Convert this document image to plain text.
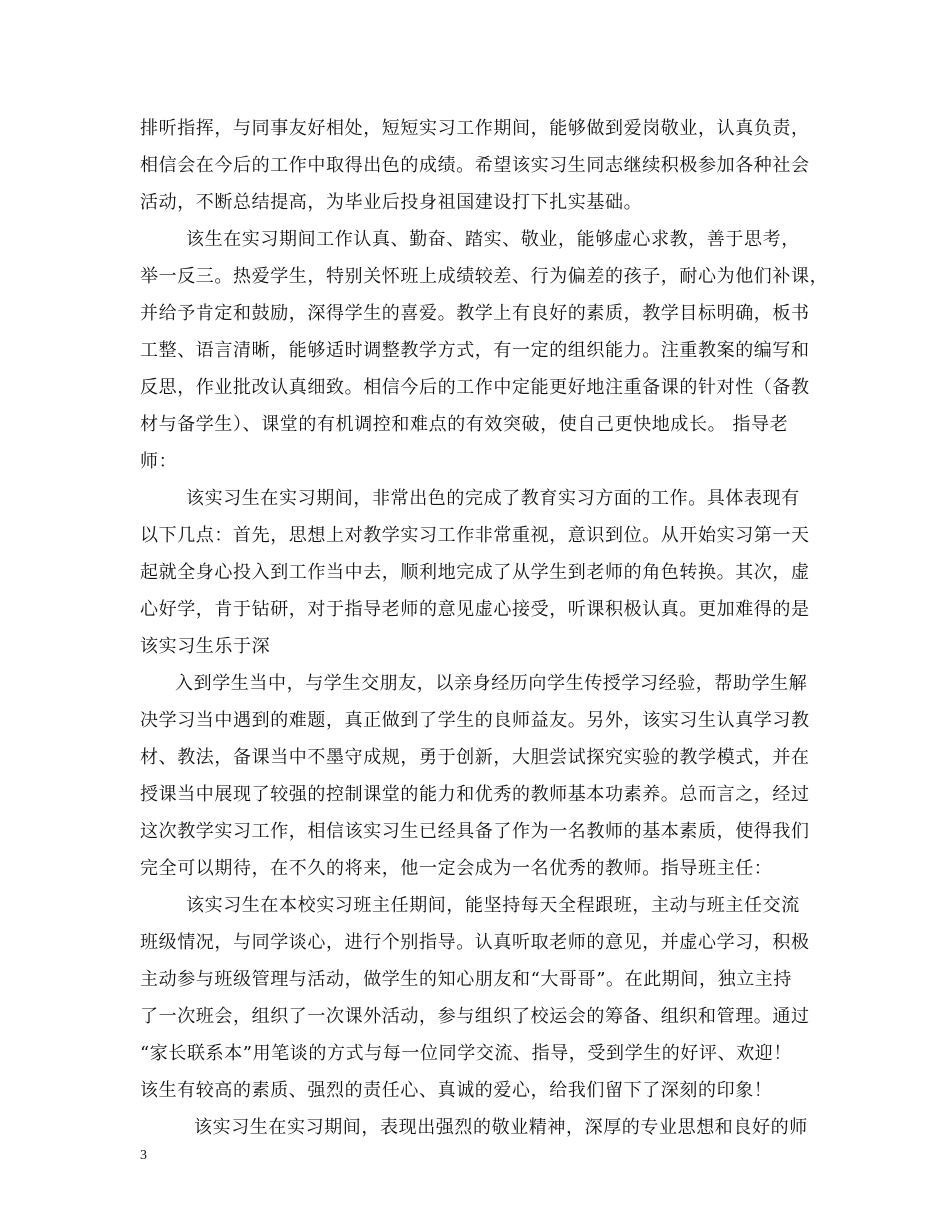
排听指挥，与同事友好相处，短短实习工作期间，能够做到爱岗敬业，认真负责，
相信会在今后的工作中取得出色的成绩。希望该实习生同志继续积极参加各种社会
活动，不断总结提高，为毕业后投身祖国建设打下扎实基础。
该生在实习期间工作认真、勤奋、踏实、敬业，能够虚心求教，善于思考，
举一反三。热爱学生，特别关怀班上成绩较差、行为偏差的孩子，耐心为他们补课，
并给予肯定和鼓励，深得学生的喜爱。教学上有良好的素质，教学目标明确，板书
工整、语言清晰，能够适时调整教学方式，有一定的组织能力。注重教案的编写和
反思，作业批改认真细致。相信今后的工作中定能更好地注重备课的针对性（备教
材与备学生）、课堂的有机调控和难点的有效突破，使自己更快地成长。 指导老
师：
该实习生在实习期间，非常出色的完成了教育实习方面的工作。具体表现有
以下几点：首先，思想上对教学实习工作非常重视，意识到位。从开始实习第一天
起就全身心投入到工作当中去，顺利地完成了从学生到老师的角色转换。其次，虚
心好学，肯于钻研，对于指导老师的意见虚心接受，听课积极认真。更加难得的是
该实习生乐于深
入到学生当中，与学生交朋友，以亲身经历向学生传授学习经验，帮助学生解
决学习当中遇到的难题，真正做到了学生的良师益友。另外，该实习生认真学习教
材、教法，备课当中不墨守成规，勇于创新，大胆尝试探究实验的教学模式，并在
授课当中展现了较强的控制课堂的能力和优秀的教师基本功素养。总而言之，经过
这次教学实习工作，相信该实习生已经具备了作为一名教师的基本素质，使得我们
完全可以期待，在不久的将来，他一定会成为一名优秀的教师。指导班主任：
该实习生在本校实习班主任期间，能坚持每天全程跟班，主动与班主任交流
班级情况，与同学谈心，进行个别指导。认真听取老师的意见，并虚心学习，积极
主动参与班级管理与活动，做学生的知心朋友和“大哥哥”。在此期间，独立主持
了一次班会，组织了一次课外活动，参与组织了校运会的筹备、组织和管理。通过
“家长联系本”用笔谈的方式与每一位同学交流、指导，受到学生的好评、欢迎！
该生有较高的素质、强烈的责任心、真诚的爱心，给我们留下了深刻的印象！
该实习生在实习期间，表现出强烈的敬业精神，深厚的专业思想和良好的师
3
